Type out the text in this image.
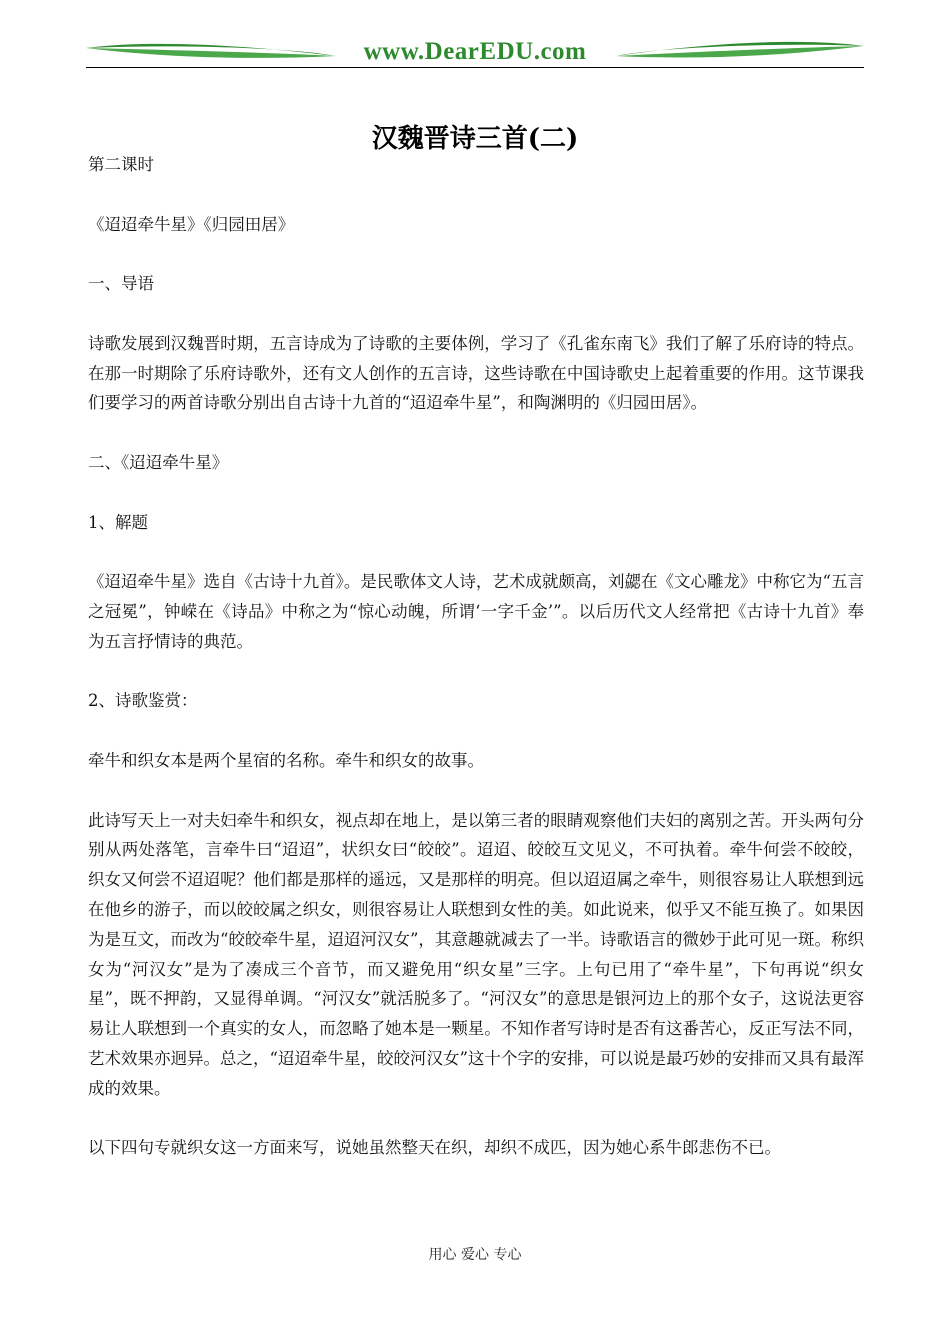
www.DearEDU.com
汉魏晋诗三首(二)

第二课时

《迢迢牵牛星》《归园田居》

一、导语

诗歌发展到汉魏晋时期，五言诗成为了诗歌的主要体例，学习了《孔雀东南飞》我们了解了乐府诗的特点。在那一时期除了乐府诗歌外，还有文人创作的五言诗，这些诗歌在中国诗歌史上起着重要的作用。这节课我们要学习的两首诗歌分别出自古诗十九首的“迢迢牵牛星”，和陶渊明的《归园田居》。

二、《迢迢牵牛星》

1、解题

《迢迢牵牛星》选自《古诗十九首》。是民歌体文人诗，艺术成就颇高，刘勰在《文心雕龙》中称它为“五言之冠冕”，钟嵘在《诗品》中称之为“惊心动魄，所谓‘一字千金’”。以后历代文人经常把《古诗十九首》奉为五言抒情诗的典范。

2、诗歌鉴赏：

牵牛和织女本是两个星宿的名称。牵牛和织女的故事。

此诗写天上一对夫妇牵牛和织女，视点却在地上，是以第三者的眼睛观察他们夫妇的离别之苦。开头两句分别从两处落笔，言牵牛曰“迢迢”，状织女曰“皎皎”。迢迢、皎皎互文见义，不可执着。牵牛何尝不皎皎，织女又何尝不迢迢呢？他们都是那样的遥远，又是那样的明亮。但以迢迢属之牵牛，则很容易让人联想到远在他乡的游子，而以皎皎属之织女，则很容易让人联想到女性的美。如此说来，似乎又不能互换了。如果因为是互文，而改为“皎皎牵牛星，迢迢河汉女”，其意趣就减去了一半。诗歌语言的微妙于此可见一斑。称织女为“河汉女”是为了凑成三个音节，而又避免用“织女星”三字。上句已用了“牵牛星”，下句再说“织女星”，既不押韵，又显得单调。“河汉女”就活脱多了。“河汉女”的意思是银河边上的那个女子，这说法更容易让人联想到一个真实的女人，而忽略了她本是一颗星。不知作者写诗时是否有这番苦心，反正写法不同，艺术效果亦迥异。总之，“迢迢牵牛星，皎皎河汉女”这十个字的安排，可以说是最巧妙的安排而又具有最浑成的效果。

以下四句专就织女这一方面来写，说她虽然整天在织，却织不成匹，因为她心系牛郎悲伤不已。

用心 爱心 专心
